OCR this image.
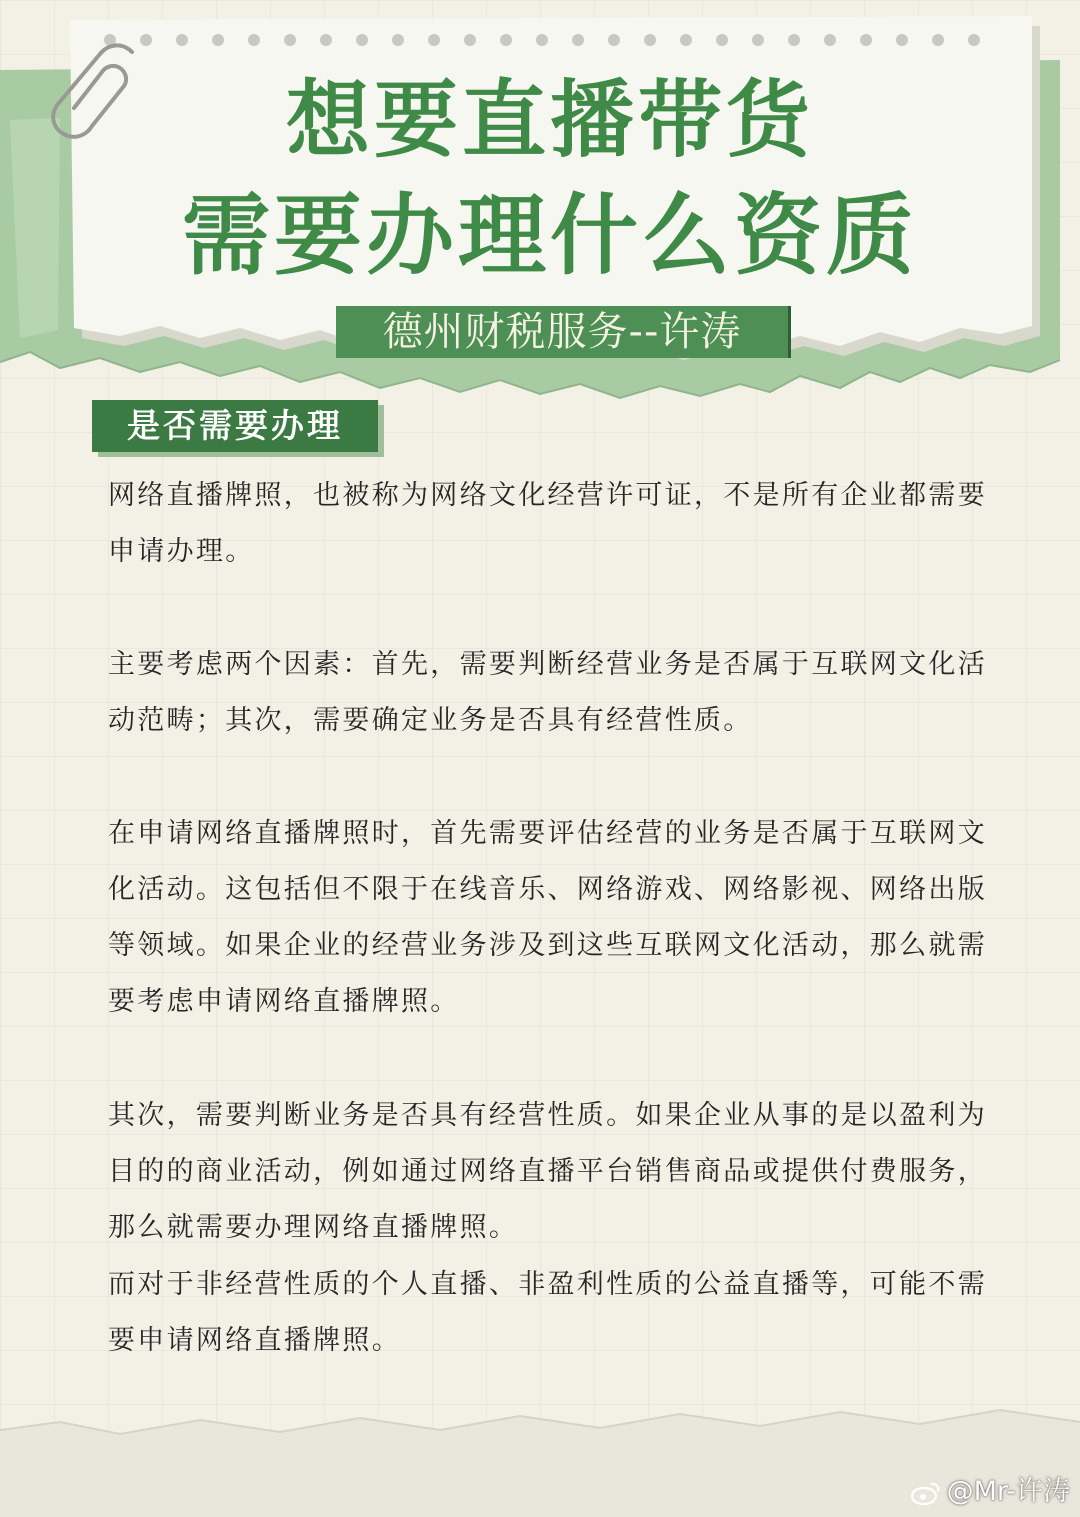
想要直播带货
需要办理什么资质
德州财税服务--许涛
是否需要办理
网络直播牌照，也被称为网络文化经营许可证，不是所有企业都需要申请办理。
主要考虑两个因素：首先，需要判断经营业务是否属于互联网文化活动范畴；其次，需要确定业务是否具有经营性质。
在申请网络直播牌照时，首先需要评估经营的业务是否属于互联网文化活动。这包括但不限于在线音乐、网络游戏、网络影视、网络出版等领域。如果企业的经营业务涉及到这些互联网文化活动，那么就需要考虑申请网络直播牌照。
其次，需要判断业务是否具有经营性质。如果企业从事的是以盈利为目的的商业活动，例如通过网络直播平台销售商品或提供付费服务，那么就需要办理网络直播牌照。
而对于非经营性质的个人直播、非盈利性质的公益直播等，可能不需要申请网络直播牌照。
@Mr-许涛
